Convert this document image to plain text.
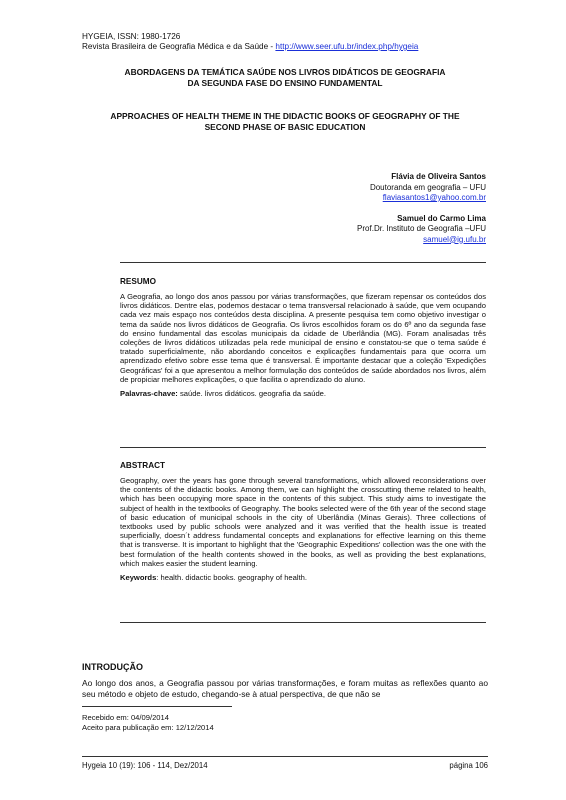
HYGEIA, ISSN: 1980-1726
Revista Brasileira de Geografia Médica e da Saúde - http://www.seer.ufu.br/index.php/hygeia
ABORDAGENS DA TEMÁTICA SAÚDE NOS LIVROS DIDÁTICOS DE GEOGRAFIA
DA SEGUNDA FASE DO ENSINO FUNDAMENTAL
APPROACHES OF HEALTH THEME IN THE DIDACTIC BOOKS OF GEOGRAPHY OF THE
SECOND PHASE OF BASIC EDUCATION
Flávia de Oliveira Santos
Doutoranda em geografia – UFU
flaviasantos1@yahoo.com.br
Samuel do Carmo Lima
Prof.Dr. Instituto de Geografia –UFU
samuel@ig.ufu.br
RESUMO

A Geografia, ao longo dos anos passou por várias transformações, que fizeram repensar os conteúdos dos livros didáticos. Dentre elas, podemos destacar o tema transversal relacionado à saúde, que vem ocupando cada vez mais espaço nos conteúdos desta disciplina. A presente pesquisa tem como objetivo investigar o tema da saúde nos livros didáticos de Geografia. Os livros escolhidos foram os do 6º ano da segunda fase do ensino fundamental das escolas municipais da cidade de Uberlândia (MG). Foram analisadas três coleções de livros didáticos utilizadas pela rede municipal de ensino e constatou-se que o tema saúde é tratado superficialmente, não abordando conceitos e explicações fundamentais para que ocorra um aprendizado efetivo sobre esse tema que é transversal. É importante destacar que a coleção 'Expedições Geográficas' foi a que apresentou a melhor formulação dos conteúdos de saúde abordados nos livros, além de propiciar melhores explicações, o que facilita o aprendizado do aluno.

Palavras-chave: saúde. livros didáticos. geografia da saúde.

ABSTRACT

Geography, over the years has gone through several transformations, which allowed reconsiderations over the contents of the didactic books. Among them, we can highlight the crosscutting theme related to health, which has been occupying more space in the contents of this subject. This study aims to investigate the subject of health in the textbooks of Geography. The books selected were of the 6th year of the second stage of basic education of municipal schools in the city of Uberlândia (Minas Gerais). Three collections of textbooks used by public schools were analyzed and it was verified that the health issue is treated superficially, doesn´t address fundamental concepts and explanations for effective learning on this theme that is transverse. It is important to highlight that the 'Geographic Expeditions' collection was the one with the best formulation of the health contents showed in the books, as well as providing the best explanations, which makes easier the student learning.

Keywords: health. didactic books. geography of health.

INTRODUÇÃO
Ao longo dos anos, a Geografia passou por várias transformações, e foram muitas as reflexões quanto ao seu método e objeto de estudo, chegando-se à atual perspectiva, de que não se
Recebido em: 04/09/2014
Aceito para publicação em: 12/12/2014
Hygeia 10 (19): 106 - 114, Dez/2014	página 106
